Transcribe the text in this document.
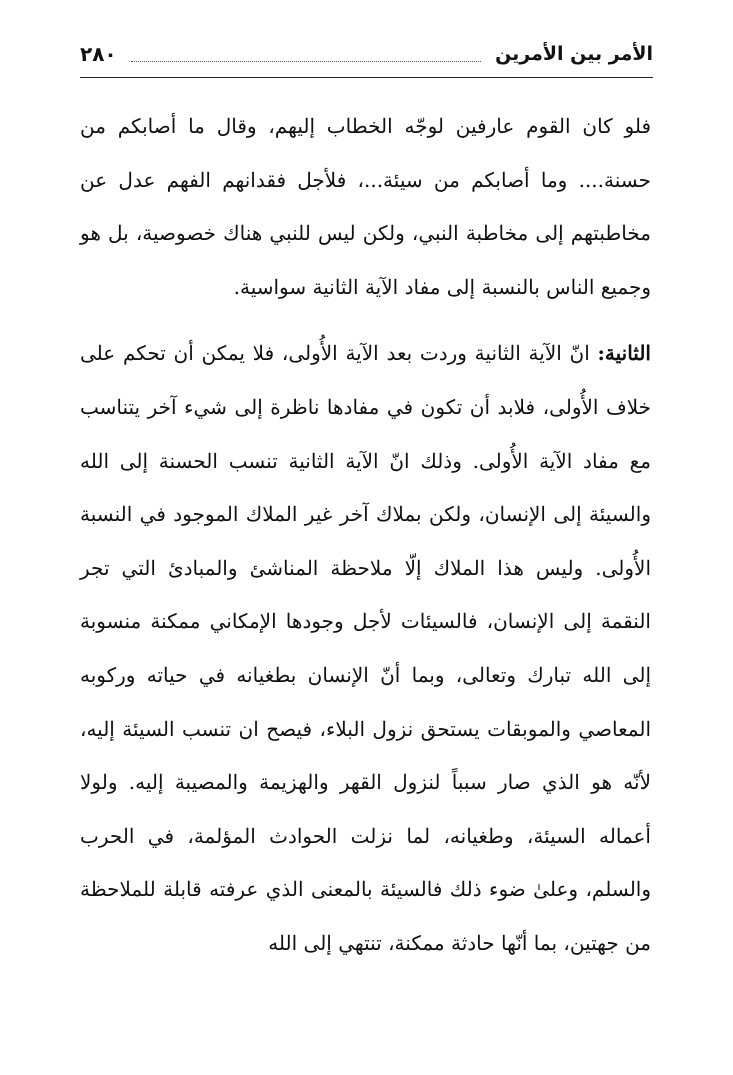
الأمر بين الأمرين
٢٨٠

فلو كان القوم عارفين لوجّه الخطاب إليهم، وقال ما أصابكم من حسنة.... وما أصابكم من سيئة...، فلأجل فقدانهم الفهم عدل عن مخاطبتهم إلى مخاطبة النبي، ولكن ليس للنبي هناك خصوصية، بل هو وجميع الناس بالنسبة إلى مفاد الآية الثانية سواسية.

الثانية: انّ الآية الثانية وردت بعد الآية الأُولى، فلا يمكن أن تحكم على خلاف الأُولى، فلابد أن تكون في مفادها ناظرة إلى شيء آخر يتناسب مع مفاد الآية الأُولى. وذلك انّ الآية الثانية تنسب الحسنة إلى الله والسيئة إلى الإنسان، ولكن بملاك آخر غير الملاك الموجود في النسبة الأُولى. وليس هذا الملاك إلّا ملاحظة المناشئ والمبادئ التي تجر النقمة إلى الإنسان، فالسيئات لأجل وجودها الإمكاني ممكنة منسوبة إلى الله تبارك وتعالى، وبما أنّ الإنسان بطغيانه في حياته وركوبه المعاصي والموبقات يستحق نزول البلاء، فيصح ان تنسب السيئة إليه، لأنّه هو الذي صار سبباً لنزول القهر والهزيمة والمصيبة إليه. ولولا أعماله السيئة، وطغيانه، لما نزلت الحوادث المؤلمة، في الحرب والسلم، وعلىٰ ضوء ذلك فالسيئة بالمعنى الذي عرفته قابلة للملاحظة من جهتين، بما أنّها حادثة ممكنة، تنتهي إلى الله
